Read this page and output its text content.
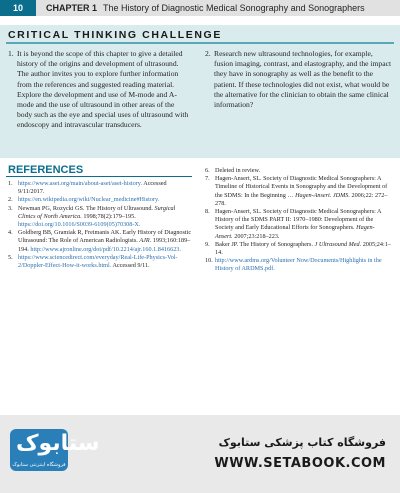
10	CHAPTER 1 The History of Diagnostic Medical Sonography and Sonographers
CRITICAL THINKING CHALLENGE
1. It is beyond the scope of this chapter to give a detailed history of the origins and development of ultrasound. The author invites you to explore further information from the references and suggested reading material. Explore the development and use of M-mode and A-mode and the use of ultrasound in other areas of the body such as the eye and special uses of ultrasound with endoscopy and intravascular transducers.
2. Research new ultrasound technologies, for example, fusion imaging, contrast, and elastography, and the impact they have in sonography as well as the benefit to the patient. If these technologies did not exist, what would be the alternative for the clinician to obtain the same clinical information?
REFERENCES
1. https://www.aset.org/main/about-aset/aset-history. Accessed 9/11/2017.
2. https://en.wikipedia.org/wiki/Nuclear_medicine#History.
3. Newman PG, Rozycki GS. The History of Ultrasound. Surgical Clinics of North America. 1998;78(2):179–195. https://doi.org/10.1016/S0039-6109(05)70308-X.
4. Goldberg BB, Gramiak R, Freimanis AK. Early History of Diagnostic Ultrasound: The Role of American Radiologists. AJR. 1993;160:189–194. http://www.ajronline.org/doi/pdf/10.2214/ajr.160.1.8416623.
5. https://www.sciencedirect.com/everyday/Real-Life-Physics-Vol-2/Doppler-Effect-How-it-works.html. Accessed 9/11.
6. Deleted in review.
7. Hagen-Ansert, SL. Society of Diagnostic Medical Sonographers: A Timeline of Historical Events in Sonography and the Development of the SDMS: In the Beginning … Hagen-Ansert. JDMS. 2006;22: 272–278.
8. Hagen-Ansert, SL. Society of Diagnostic Medical Sonographers: A History of the SDMS PART II: 1970–1980: Development of the Society and Early Educational Efforts for Sonographers. Hagen-Ansert. 2007;23:218–223.
9. Baker JP. The History of Sonographers. J Ultrasound Med. 2005;24:1–14.
10. http://www.ardms.org/Volunteer Now/Documents/Highlights in the History of ARDMS.pdf.
ستابوک
فروشگاه اینترنتی ستابوک
فروشگاه کتاب پزشکی ستابوک
WWW.SETABOOK.COM
